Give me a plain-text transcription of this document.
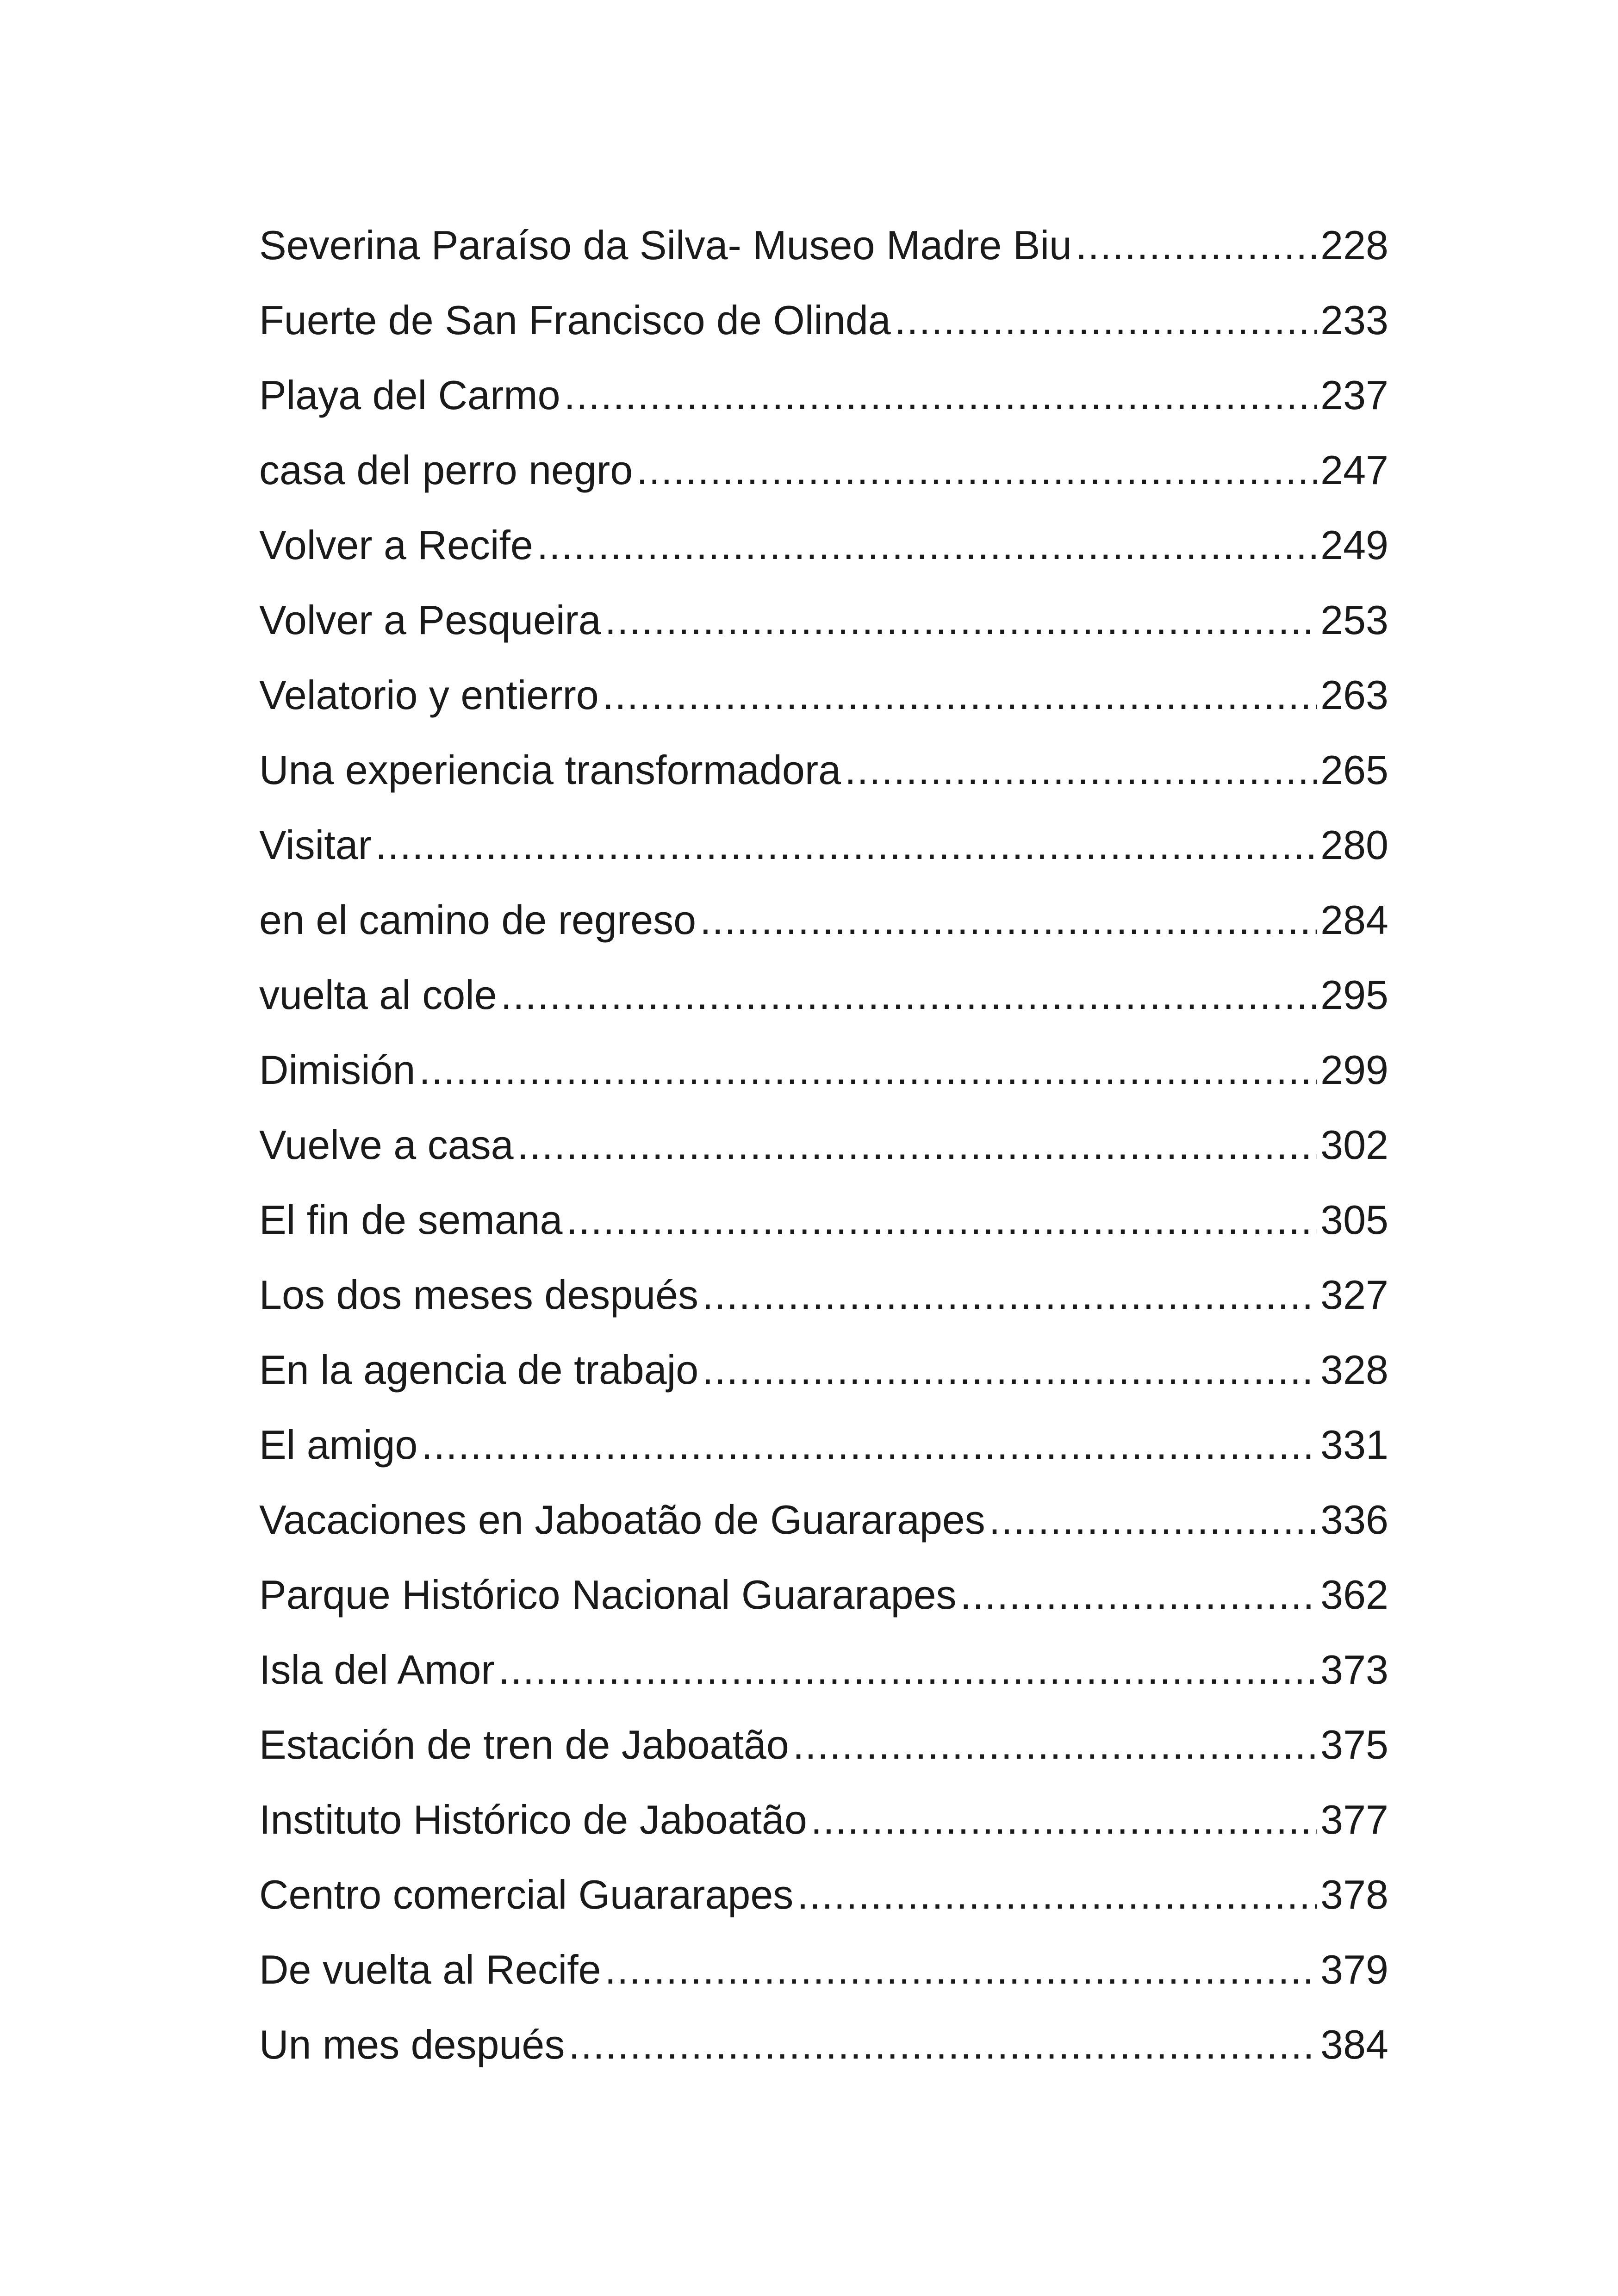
Severina Paraíso da Silva- Museo Madre Biu .....	228
Fuerte de San Francisco de Olinda .....	233
Playa del Carmo .....	237
casa del perro negro .....	247
Volver a Recife .....	249
Volver a Pesqueira .....	253
Velatorio y entierro .....	263
Una experiencia transformadora .....	265
Visitar .....	280
en el camino de regreso .....	284
vuelta al cole .....	295
Dimisión .....	299
Vuelve a casa .....	302
El fin de semana .....	305
Los dos meses después .....	327
En la agencia de trabajo .....	328
El amigo .....	331
Vacaciones en Jaboatão de Guararapes .....	336
Parque Histórico Nacional Guararapes .....	362
Isla del Amor .....	373
Estación de tren de Jaboatão .....	375
Instituto Histórico de Jaboatão .....	377
Centro comercial Guararapes .....	378
De vuelta al Recife .....	379
Un mes después .....	384
